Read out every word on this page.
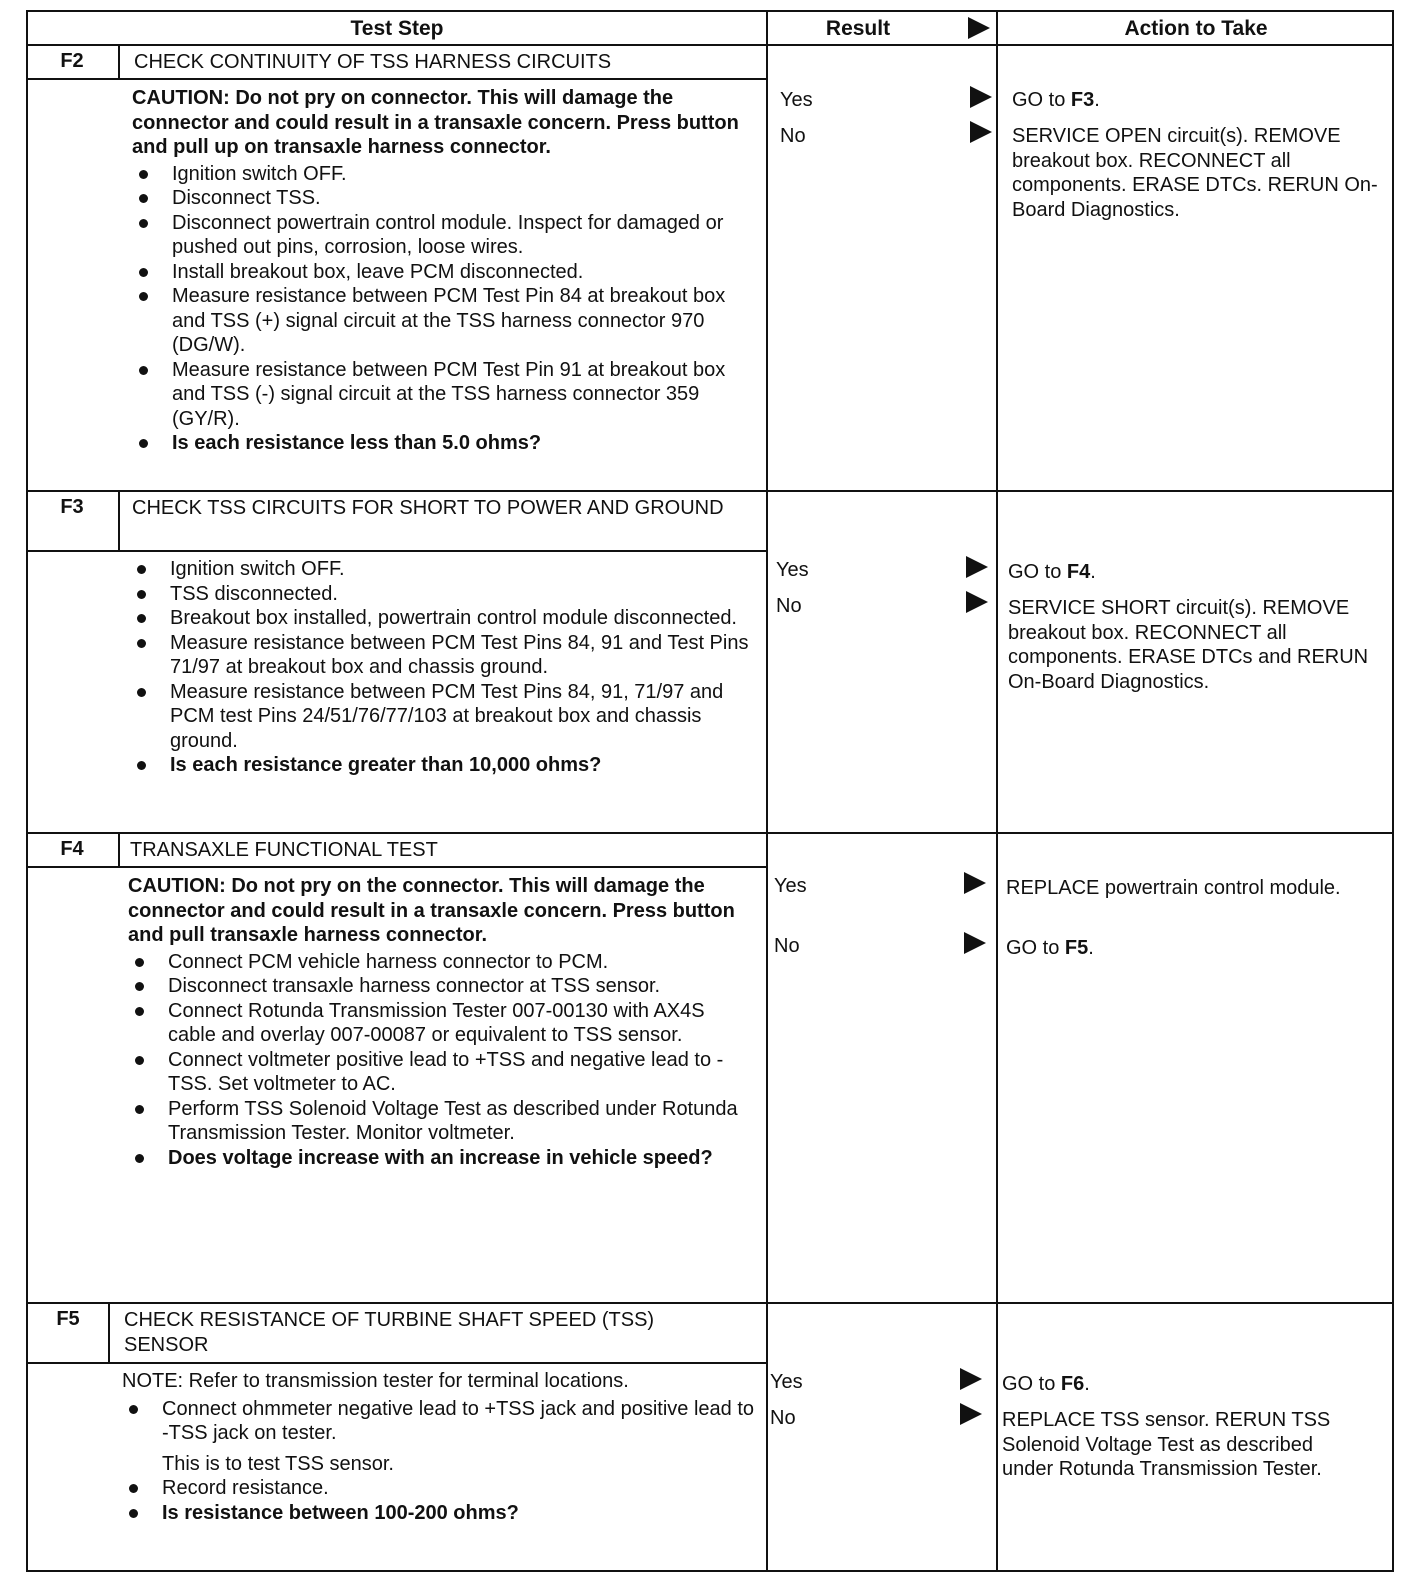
Test Step	Result	Action to Take
F2	CHECK CONTINUITY OF TSS HARNESS CIRCUITS
CAUTION: Do not pry on connector. This will damage the connector and could result in a transaxle concern. Press button and pull up on transaxle harness connector.
Ignition switch OFF.
Disconnect TSS.
Disconnect powertrain control module. Inspect for damaged or pushed out pins, corrosion, loose wires.
Install breakout box, leave PCM disconnected.
Measure resistance between PCM Test Pin 84 at breakout box and TSS (+) signal circuit at the TSS harness connector 970 (DG/W).
Measure resistance between PCM Test Pin 91 at breakout box and TSS (-) signal circuit at the TSS harness connector 359 (GY/R).
Is each resistance less than 5.0 ohms?
Yes	GO to F3.
No	SERVICE OPEN circuit(s). REMOVE breakout box. RECONNECT all components. ERASE DTCs. RERUN On-Board Diagnostics.
F3	CHECK TSS CIRCUITS FOR SHORT TO POWER AND GROUND
Ignition switch OFF.
TSS disconnected.
Breakout box installed, powertrain control module disconnected.
Measure resistance between PCM Test Pins 84, 91 and Test Pins 71/97 at breakout box and chassis ground.
Measure resistance between PCM Test Pins 84, 91, 71/97 and PCM test Pins 24/51/76/77/103 at breakout box and chassis ground.
Is each resistance greater than 10,000 ohms?
Yes	GO to F4.
No	SERVICE SHORT circuit(s). REMOVE breakout box. RECONNECT all components. ERASE DTCs and RERUN On-Board Diagnostics.
F4	TRANSAXLE FUNCTIONAL TEST
CAUTION: Do not pry on the connector. This will damage the connector and could result in a transaxle concern. Press button and pull transaxle harness connector.
Connect PCM vehicle harness connector to PCM.
Disconnect transaxle harness connector at TSS sensor.
Connect Rotunda Transmission Tester 007-00130 with AX4S cable and overlay 007-00087 or equivalent to TSS sensor.
Connect voltmeter positive lead to +TSS and negative lead to -TSS. Set voltmeter to AC.
Perform TSS Solenoid Voltage Test as described under Rotunda Transmission Tester. Monitor voltmeter.
Does voltage increase with an increase in vehicle speed?
Yes	REPLACE powertrain control module.
No	GO to F5.
F5	CHECK RESISTANCE OF TURBINE SHAFT SPEED (TSS) SENSOR
NOTE: Refer to transmission tester for terminal locations.
Connect ohmmeter negative lead to +TSS jack and positive lead to -TSS jack on tester.
This is to test TSS sensor.
Record resistance.
Is resistance between 100-200 ohms?
Yes	GO to F6.
No	REPLACE TSS sensor. RERUN TSS Solenoid Voltage Test as described under Rotunda Transmission Tester.
